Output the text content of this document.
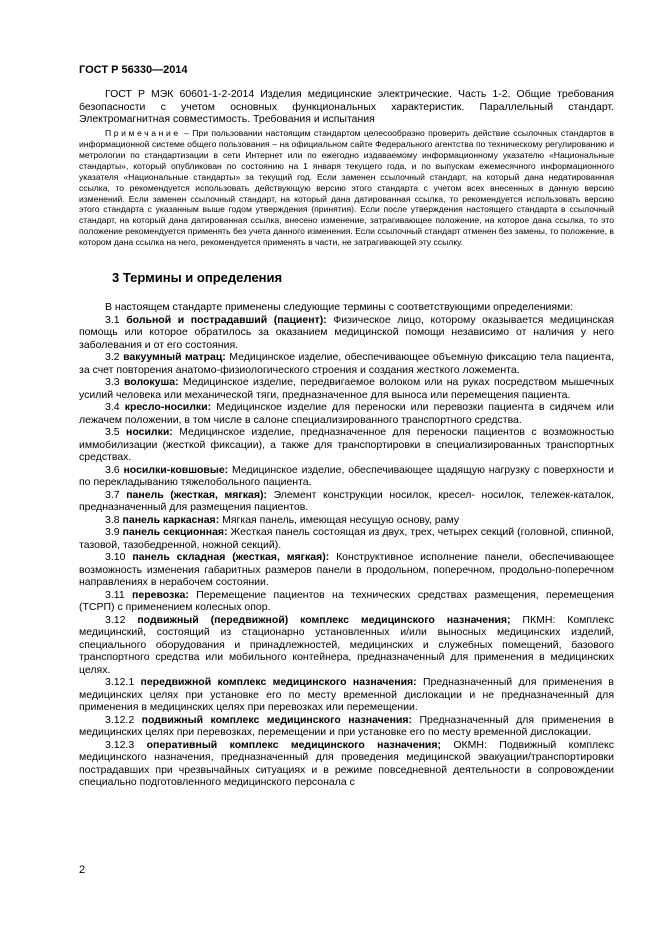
ГОСТ Р 56330—2014

ГОСТ Р МЭК 60601-1-2-2014 Изделия медицинские электрические. Часть 1-2. Общие требования безопасности с учетом основных функциональных характеристик. Параллельный стандарт. Электромагнитная совместимость. Требования и испытания

Примечание – При пользовании настоящим стандартом целесообразно проверить действие ссылочных стандартов в информационной системе общего пользования – на официальном сайте Федерального агентства по техническому регулированию и метрологии по стандартизации в сети Интернет или по ежегодно издаваемому информационному указателю «Национальные стандарты», который опубликован по состоянию на 1 января текущего года, и по выпускам ежемесячного информационного указателя «Национальные стандарты» за текущий год. Если заменен ссылочный стандарт, на который дана недатированная ссылка, то рекомендуется использовать действующую версию этого стандарта с учетом всех внесенных в данную версию изменений. Если заменен ссылочный стандарт, на который дана датированная ссылка, то рекомендуется использовать версию этого стандарта с указанным выше годом утверждения (принятия). Если после утверждения настоящего стандарта в ссылочный стандарт, на который дана датированная ссылка, внесено изменение, затрагивающее положение, на которое дана ссылка, то это положение рекомендуется применять без учета данного изменения. Если ссылочный стандарт отменен без замены, то положение, в котором дана ссылка на него, рекомендуется применять в части, не затрагивающей эту ссылку.

3 Термины и определения

В настоящем стандарте применены следующие термины с соответствующими определениями:

3.1 больной и пострадавший (пациент): Физическое лицо, которому оказывается медицинская помощь или которое обратилось за оказанием медицинской помощи независимо от наличия у него заболевания и от его состояния.

3.2 вакуумный матрац: Медицинское изделие, обеспечивающее объемную фиксацию тела пациента, за счет повторения анатомо-физиологического строения и создания жесткого ложемента.

3.3 волокуша: Медицинское изделие, передвигаемое волоком или на руках посредством мышечных усилий человека или механической тяги, предназначенное для выноса или перемещения пациента.

3.4 кресло-носилки: Медицинское изделие для переноски или перевозки пациента в сидячем или лежачем положении, в том числе в салоне специализированного транспортного средства.

3.5 носилки: Медицинское изделие, предназначенное для переноски пациентов с возможностью иммобилизации (жесткой фиксации), а также для транспортировки в специализированных транспортных средствах.

3.6 носилки-ковшовые: Медицинское изделие, обеспечивающее щадящую нагрузку с поверхности и по перекладыванию тяжелобольного пациента.

3.7 панель (жесткая, мягкая): Элемент конструкции носилок, кресел- носилок, тележек-каталок, предназначенный для размещения пациентов.

3.8 панель каркасная: Мягкая панель, имеющая несущую основу, раму

3.9 панель секционная: Жесткая панель состоящая из двух, трех, четырех секций (головной, спинной, тазовой, тазобедренной, ножной секций).

3.10 панель складная (жесткая, мягкая): Конструктивное исполнение панели, обеспечивающее возможность изменения габаритных размеров панели в продольном, поперечном, продольно-поперечном направлениях в нерабочем состоянии.

3.11 перевозка: Перемещение пациентов на технических средствах размещения, перемещения (ТСРП) с применением колесных опор.

3.12 подвижный (передвижной) комплекс медицинского назначения; ПКМН: Комплекс медицинский, состоящий из стационарно установленных и/или выносных медицинских изделий, специального оборудования и принадлежностей, медицинских и служебных помещений, базового транспортного средства или мобильного контейнера, предназначенный для применения в медицинских целях.

3.12.1 передвижной комплекс медицинского назначения: Предназначенный для применения в медицинских целях при установке его по месту временной дислокации и не предназначенный для применения в медицинских целях при перевозках или перемещении.

3.12.2 подвижный комплекс медицинского назначения: Предназначенный для применения в медицинских целях при перевозках, перемещении и при установке его по месту временной дислокации.

3.12.3 оперативный комплекс медицинского назначения; ОКМН: Подвижный комплекс медицинского назначения, предназначенный для проведения медицинской эвакуации/транспортировки пострадавших при чрезвычайных ситуациях и в режиме повседневной деятельности в сопровождении специально подготовленного медицинского персонала с

2
